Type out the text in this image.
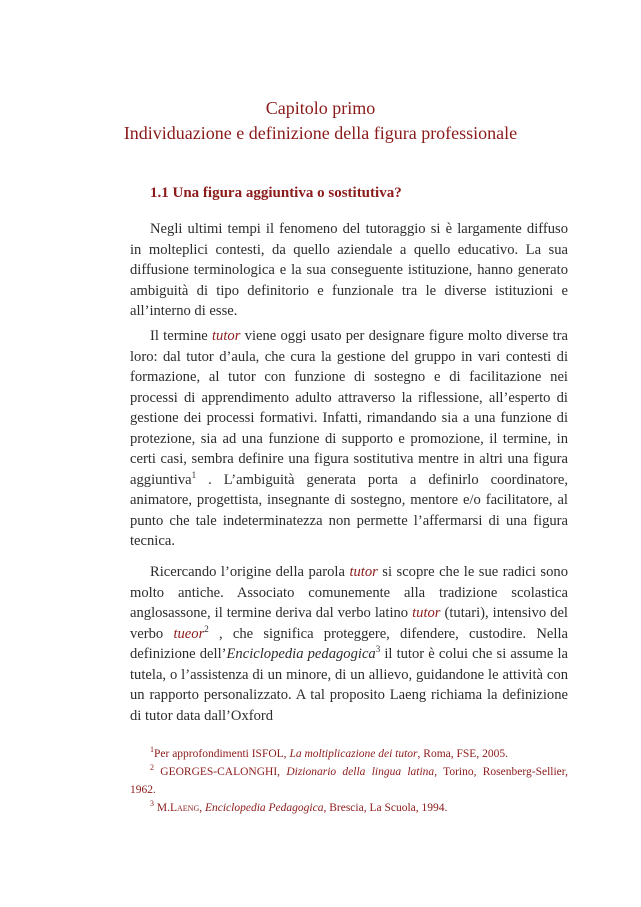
Capitolo primo
Individuazione e definizione della figura professionale
1.1 Una figura aggiuntiva o sostitutiva?

Negli ultimi tempi il fenomeno del tutoraggio si è largamente diffuso in molteplici contesti, da quello aziendale a quello educativo. La sua diffusione terminologica e la sua conseguente istituzione, hanno generato ambiguità di tipo definitorio e funzionale tra le diverse istituzioni e all’interno di esse.

Il termine tutor viene oggi usato per designare figure molto diverse tra loro: dal tutor d’aula, che cura la gestione del gruppo in vari contesti di formazione, al tutor con funzione di sostegno e di facilitazione nei processi di apprendimento adulto attraverso la riflessione, all’esperto di gestione dei processi formativi. Infatti, rimandando sia a una funzione di protezione, sia ad una funzione di supporto e promozione, il termine, in certi casi, sembra definire una figura sostitutiva mentre in altri una figura aggiuntiva$^1$ . L’ambiguità generata porta a definirlo coordinatore, animatore, progettista, insegnante di sostegno, mentore e/o facilitatore, al punto che tale indeterminatezza non permette l’affermarsi di una figura tecnica.

Ricercando l’origine della parola tutor si scopre che le sue radici sono molto antiche. Associato comunemente alla tradizione scolastica anglosassone, il termine deriva dal verbo latino tutor (tutari), intensivo del verbo tueor$^2$ , che significa proteggere, difendere, custodire. Nella definizione dell’Enciclopedia pedagogica$^3$ il tutor è colui che si assume la tutela, o l’assistenza di un minore, di un allievo, guidandone le attività con un rapporto personalizzato. A tal proposito Laeng richiama la definizione di tutor data dall’Oxford

$^1$Per approfondimenti ISFOL, La moltiplicazione dei tutor, Roma, FSE, 2005.

$^2$ GEORGES-CALONGHI, Dizionario della lingua latina, Torino, Rosenberg-Sellier, 1962.

$^3$ M.Laeng, Enciclopedia Pedagogica, Brescia, La Scuola, 1994.
